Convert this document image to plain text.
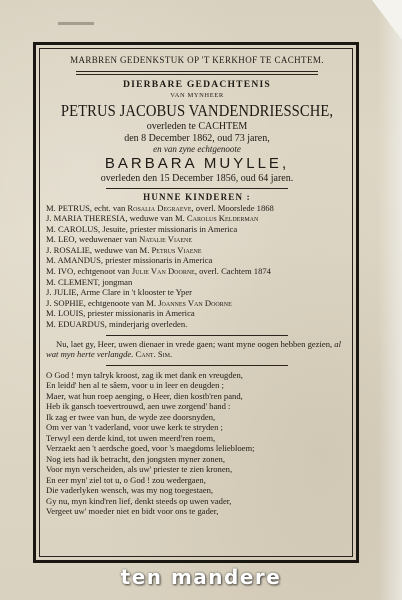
MARBREN GEDENKSTUK OP 'T KERKHOF TE CACHTEM.
DIERBARE GEDACHTENIS
VAN MYNHEER
PETRUS JACOBUS VANDENDRIESSCHE,
overleden te CACHTEM
den 8 December 1862, oud 73 jaren,
en van zyne echtgenoote
BARBARA MUYLLE,
overleden den 15 December 1856, oud 64 jaren.
HUNNE KINDEREN :
M. PETRUS, echt. van Rosalia Degraeve, overl. Moorslede 1868
J. MARIA THERESIA, weduwe van M. Carolus Kelderman
M. CAROLUS, Jesuite, priester missionaris in America
M. LEO, weduwenaer van Natalie Viaene
J. ROSALIE, weduwe van M. Petrus Viaene
M. AMANDUS, priester missionaris in America
M. IVO, echtgenoot van Julie Van Doorne, overl. Cachtem 1874
M. CLEMENT, jongman
J. JULIE, Arme Clare in 't klooster te Yper
J. SOPHIE, echtgenoote van M. Joannes Van Doorne
M. LOUIS, priester missionaris in America
M. EDUARDUS, minderjarig overleden.
Nu, laet gy, Heer, uwen dienaer in vrede gaen; want myne oogen hebben gezien, al wat myn herte verlangde. Cant. Sim.
O God ! myn talryk kroost, zag ik met dank en vreugden,
En leidd' hen al te sâem, voor u in leer en deugden ;
Maer, wat hun roep aenging, o Heer, dien kostb'ren pand,
Heb ik gansch toevertrouwd, aen uwe zorgend' hand :
Ik zag er twee van hun, de wyde zee doorsnyden,
Om ver van 't vaderland, voor uwe kerk te stryden ;
Terwyl een derde kind, tot uwen meerd'ren roem,
Verzaekt aen 't aerdsche goed, voor 's maegdoms leliebloem;
Nog iets had ik betracht, den jongsten myner zonen,
Voor myn verscheiden, als uw' priester te zien kronen,
En eer myn' ziel tot u, o God ! zou wedergaen,
Die vaderlyken wensch, was my nog toegestaen,
Gy nu, myn kind'ren lief, denkt steeds op uwen vader,
Vergeet uw' moeder niet en bidt voor ons te gader,
ten mandere
